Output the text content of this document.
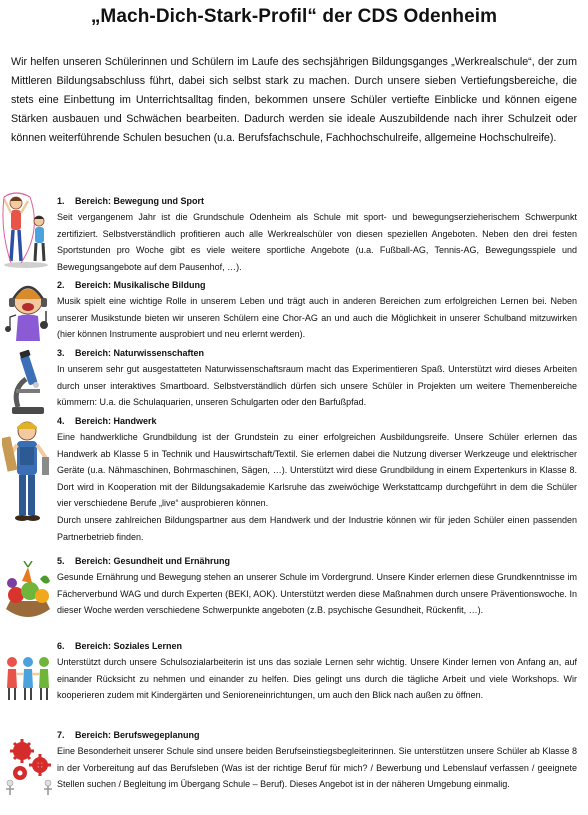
„Mach-Dich-Stark-Profil“ der CDS Odenheim
Wir helfen unseren Schülerinnen und Schülern im Laufe des sechsjährigen Bildungsganges „Werkrealschule“, der zum Mittleren Bildungsabschluss führt, dabei sich selbst stark zu machen. Durch unsere sieben Vertiefungsbereiche, die stets eine Einbettung im Unterrichtsalltag finden, bekommen unsere Schüler vertiefte Einblicke und können eigene Stärken ausbauen und Schwächen bearbeiten. Dadurch werden sie ideale Auszubildende nach ihrer Schulzeit oder können weiterführende Schulen besuchen (u.a. Berufsfachschule, Fachhochschulreife, allgemeine Hochschulreife).
1. Bereich: Bewegung und Sport

Seit vergangenem Jahr ist die Grundschule Odenheim als Schule mit sport- und bewegungserzieherischem Schwerpunkt zertifiziert. Selbstverständlich profitieren auch alle Werkrealschüler von diesen speziellen Angeboten. Neben den drei festen Sportstunden pro Woche gibt es viele weitere sportliche Angebote (u.a. Fußball-AG, Tennis-AG, Bewegungsspiele und Bewegungsangebote auf dem Pausenhof, …).

2. Bereich: Musikalische Bildung

Musik spielt eine wichtige Rolle in unserem Leben und trägt auch in anderen Bereichen zum erfolgreichen Lernen bei. Neben unserer Musikstunde bieten wir unseren Schülern eine Chor-AG an und auch die Möglichkeit in unserer Schulband mitzuwirken (hier können Instrumente ausprobiert und neu erlernt werden).

3. Bereich: Naturwissenschaften

In unserem sehr gut ausgestatteten Naturwissenschaftsraum macht das Experimentieren Spaß. Unterstützt wird dieses Arbeiten durch unser interaktives Smartboard. Selbstverständlich dürfen sich unsere Schüler in Projekten um weitere Themenbereiche kümmern: U.a. die Schulaquarien, unseren Schulgarten oder den Barfußpfad.

4. Bereich: Handwerk

Eine handwerkliche Grundbildung ist der Grundstein zu einer erfolgreichen Ausbildungsreife. Unsere Schüler erlernen das Handwerk ab Klasse 5 in Technik und Hauswirtschaft/Textil. Sie erlernen dabei die Nutzung diverser Werkzeuge und elektrischer Geräte (u.a. Nähmaschinen, Bohrmaschinen, Sägen, …). Unterstützt wird diese Grundbildung in einem Expertenkurs in Klasse 8. Dort wird in Kooperation mit der Bildungsakademie Karlsruhe das zweiwöchige Werkstattcamp durchgeführt in dem die Schüler vier verschiedene Berufe „live“ ausprobieren können.

Durch unsere zahlreichen Bildungspartner aus dem Handwerk und der Industrie können wir für jeden Schüler einen passenden Partnerbetrieb finden.

5. Bereich: Gesundheit und Ernährung

Gesunde Ernährung und Bewegung stehen an unserer Schule im Vordergrund. Unsere Kinder erlernen diese Grundkenntnisse im Fächerverbund WAG und durch Experten (BEKI, AOK). Unterstützt werden diese Maßnahmen durch unsere Präventionswoche. In dieser Woche werden verschiedene Schwerpunkte angeboten (z.B. psychische Gesundheit, Rückenfit, …).

6. Bereich: Soziales Lernen

Unterstützt durch unsere Schulsozialarbeiterin ist uns das soziale Lernen sehr wichtig. Unsere Kinder lernen von Anfang an, auf einander Rücksicht zu nehmen und einander zu helfen. Dies gelingt uns durch die tägliche Arbeit und viele Workshops. Wir kooperieren zudem mit Kindergärten und Senioreneinrichtungen, um auch den Blick nach außen zu öffnen.

7. Bereich: Berufswegeplanung

Eine Besonderheit unserer Schule sind unsere beiden Berufseinstiegsbegleiterinnen. Sie unterstützen unsere Schüler ab Klasse 8 in der Vorbereitung auf das Berufsleben (Was ist der richtige Beruf für mich? / Bewerbung und Lebenslauf verfassen / geeignete Stellen suchen / Begleitung im Übergang Schule – Beruf). Dieses Angebot ist in der näheren Umgebung einmalig.
